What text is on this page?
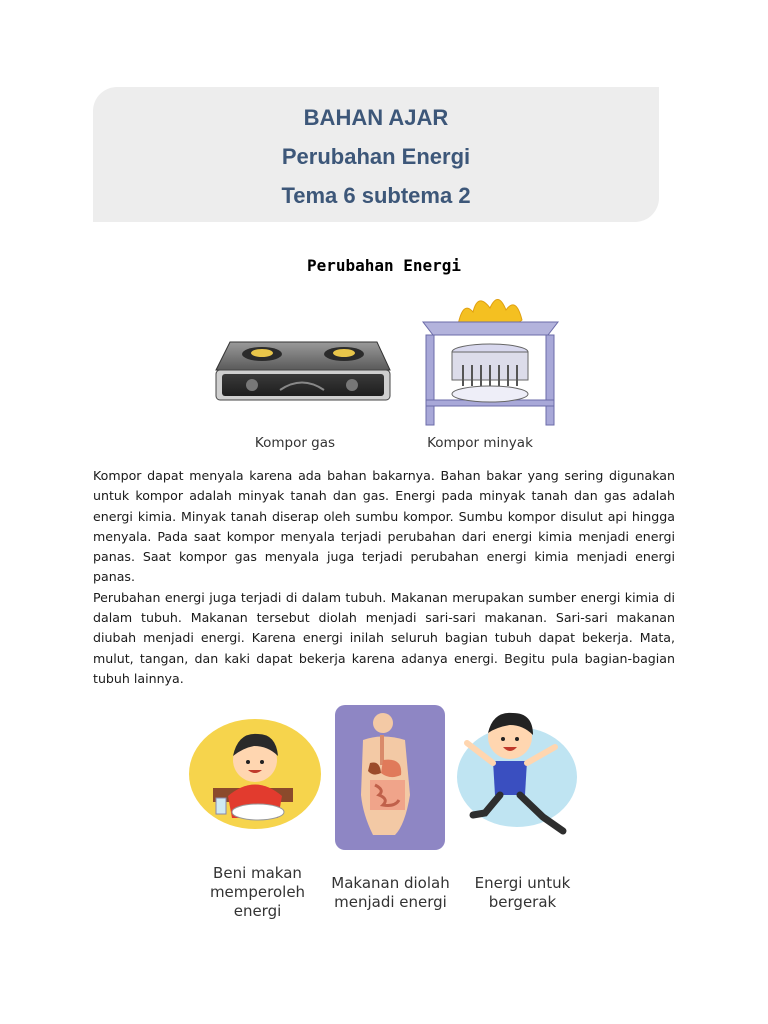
BAHAN AJAR
Perubahan Energi
Tema 6 subtema 2
Perubahan Energi
Kompor gas	Kompor minyak

Kompor dapat menyala karena ada bahan bakarnya. Bahan bakar yang sering digunakan untuk kompor adalah minyak tanah dan gas. Energi pada minyak tanah dan gas adalah energi kimia. Minyak tanah diserap oleh sumbu kompor. Sumbu kompor disulut api hingga menyala. Pada saat kompor menyala terjadi perubahan dari energi kimia menjadi energi panas. Saat kompor gas menyala juga terjadi perubahan energi kimia menjadi energi panas.

Perubahan energi juga terjadi di dalam tubuh. Makanan merupakan sumber energi kimia di dalam tubuh. Makanan tersebut diolah menjadi sari-sari makanan. Sari-sari makanan diubah menjadi energi. Karena energi inilah seluruh bagian tubuh dapat bekerja. Mata, mulut, tangan, dan kaki dapat bekerja karena adanya energi. Begitu pula bagian-bagian tubuh lainnya.

Beni makan
memperoleh
energi
Makanan diolah
menjadi energi
Energi untuk
bergerak
